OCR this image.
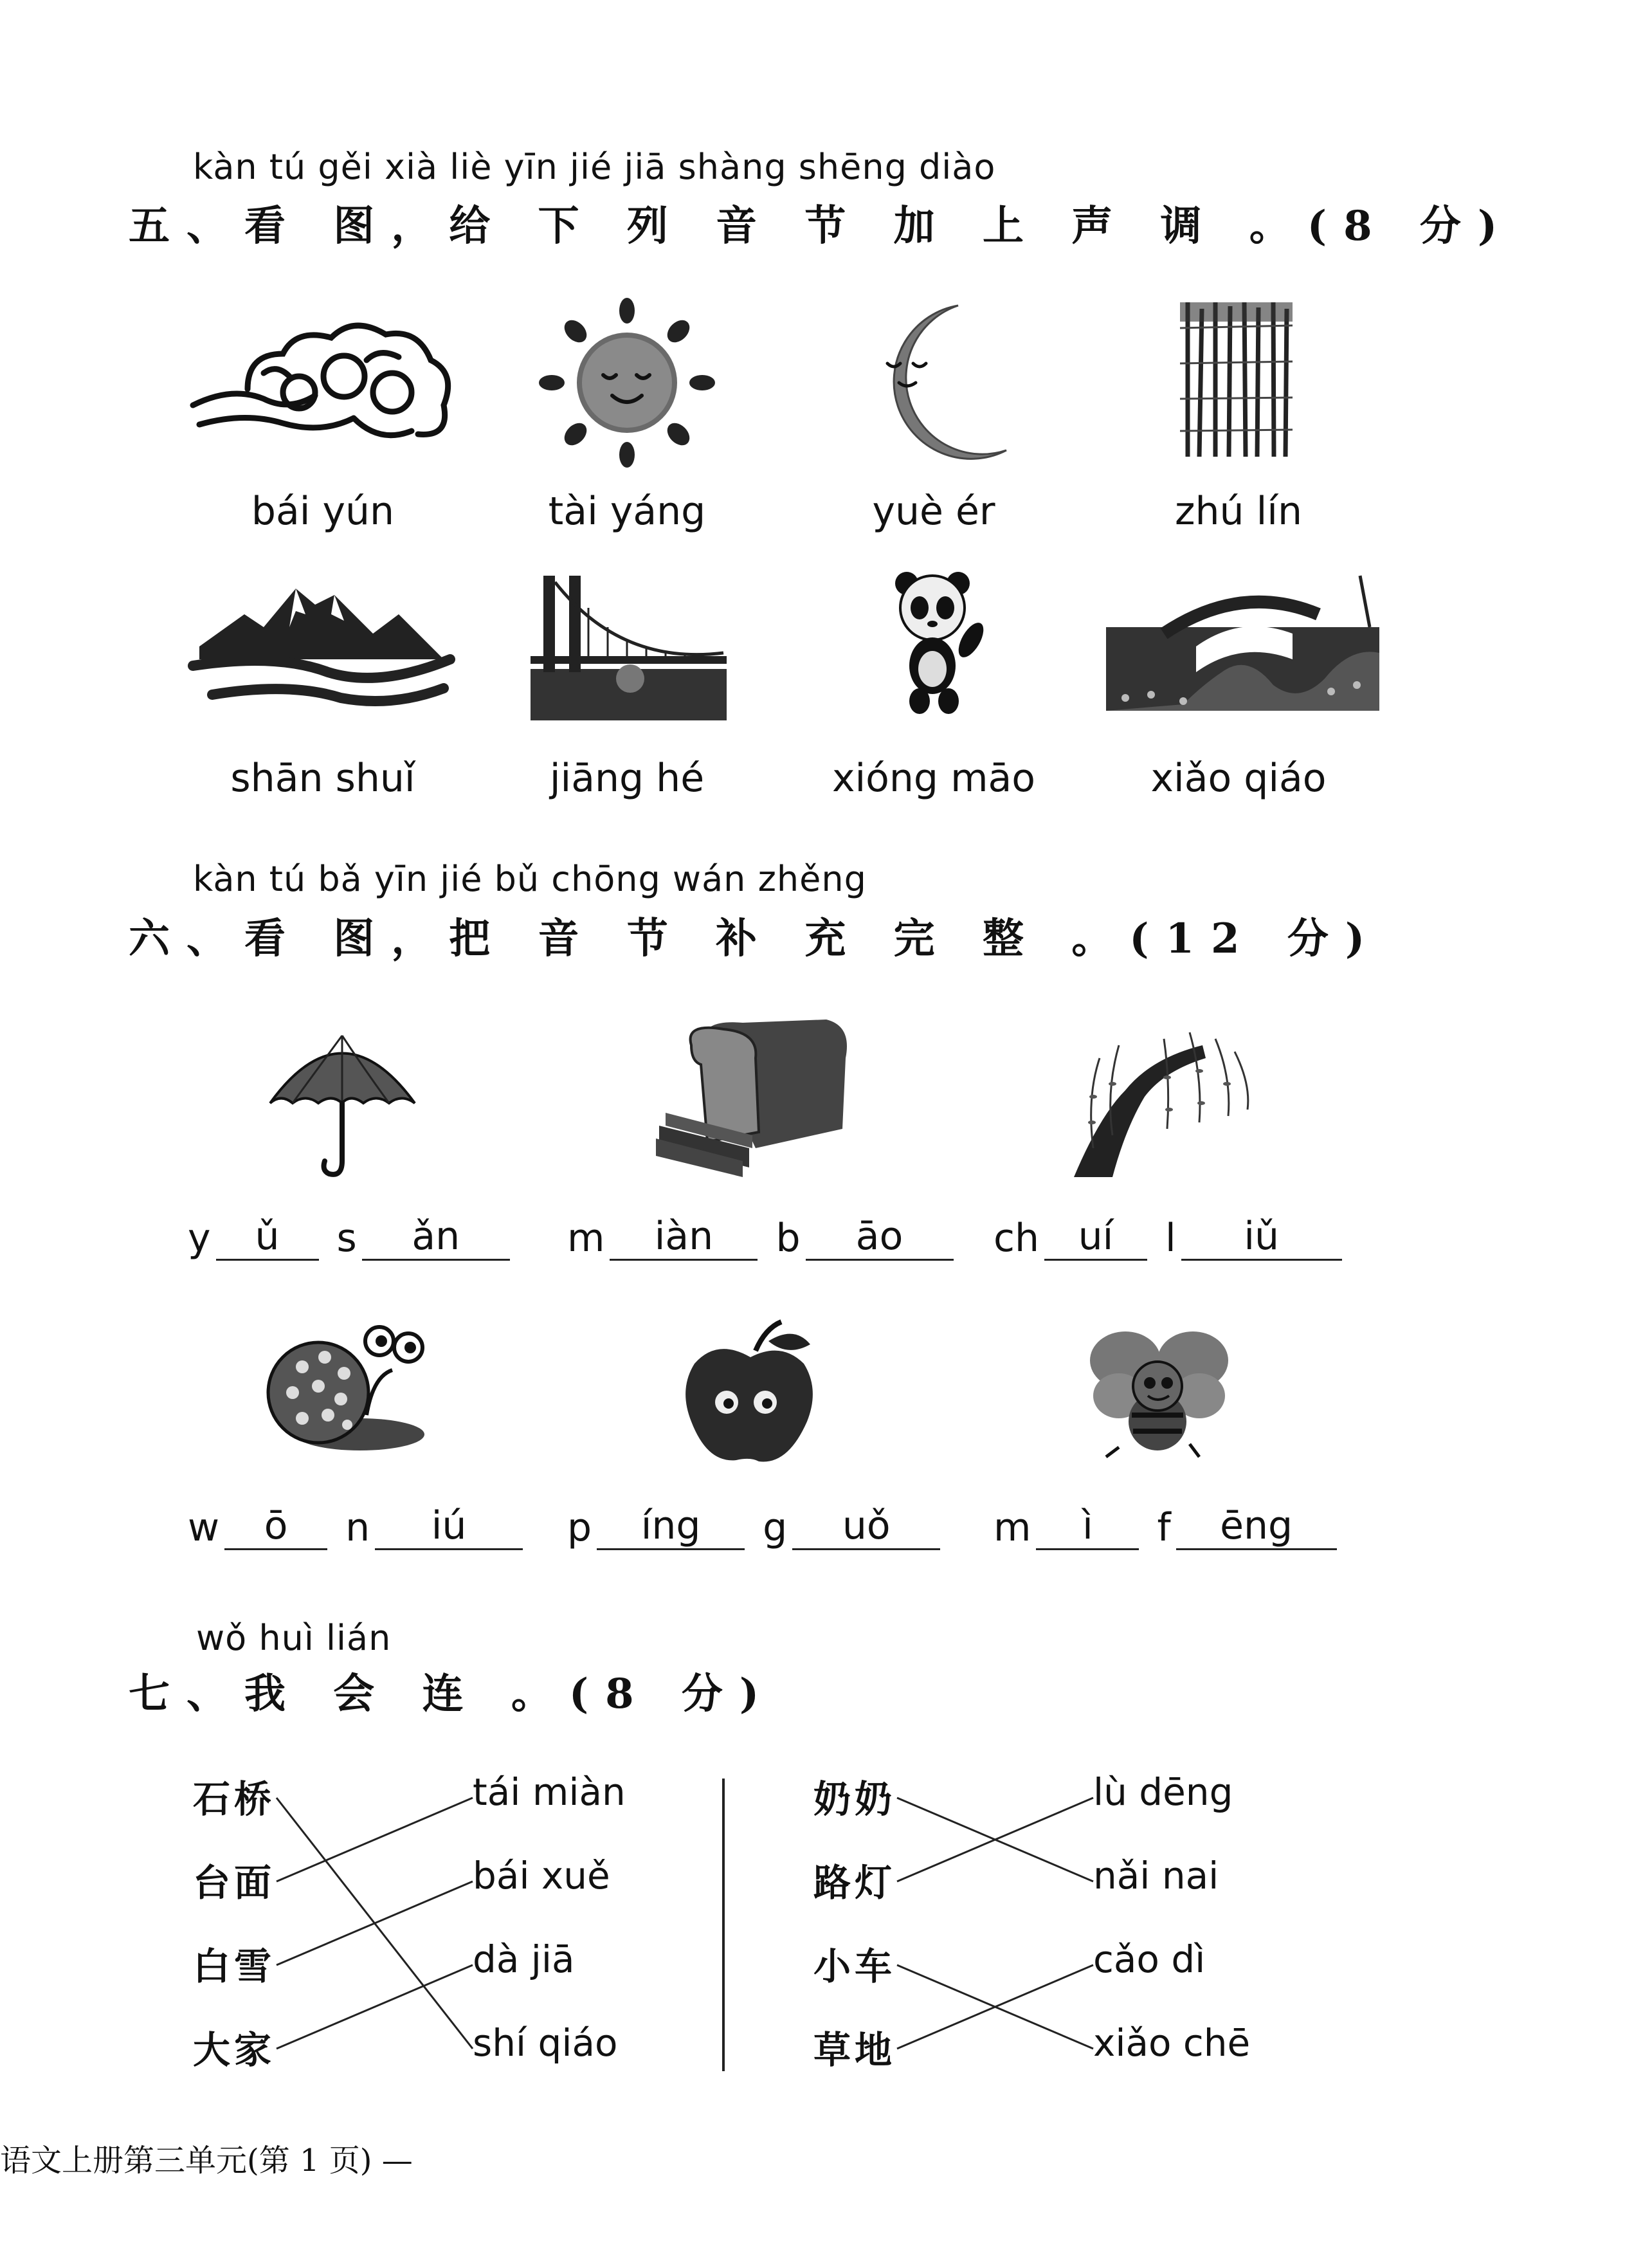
kàn tú gěi xià liè yīn jié jiā shàng shēng diào
五、看 图，给 下 列 音 节 加 上 声 调 。(8 分)
bái yún	tài yáng	yuè ér	zhú lín
shān shuǐ	jiāng hé	xióng māo	xiǎo qiáo
kàn tú bǎ yīn jié bǔ chōng wán zhěng
六、看 图，把 音 节 补 充 完 整 。(12 分)
y	ǔ	s	ǎn	m	iàn	b	āo	ch	uí	l	iǔ
w	ō	n	iú	p	íng	g	uǒ	m	ì	f	ēng
wǒ huì lián
七、我 会 连 。(8 分)
石桥
台面
白雪
大家
tái miàn
bái xuě
dà jiā
shí qiáo
奶奶
路灯
小车
草地
lù dēng
nǎi nai
cǎo dì
xiǎo chē
语文上册第三单元(第 1 页) —
